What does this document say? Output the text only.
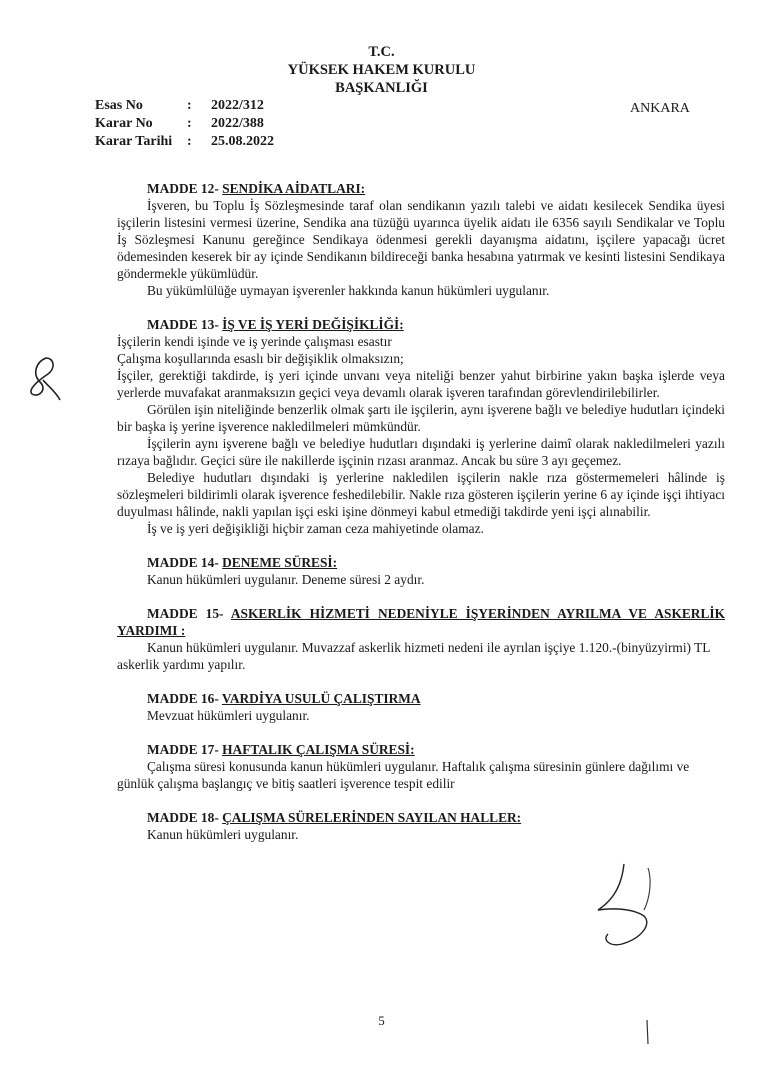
T.C.
YÜKSEK HAKEM KURULU
BAŞKANLIĞI
Esas No	: 2022/312
Karar No : 2022/388
Karar Tarihi : 25.08.2022
ANKARA

MADDE 12- SENDİKA AİDATLARI:

İşveren, bu Toplu İş Sözleşmesinde taraf olan sendikanın yazılı talebi ve aidatı kesilecek Sendika üyesi işçilerin listesini vermesi üzerine, Sendika ana tüzüğü uyarınca üyelik aidatı ile 6356 sayılı Sendikalar ve Toplu İş Sözleşmesi Kanunu gereğince Sendikaya ödenmesi gerekli dayanışma aidatını, işçilere yapacağı ücret ödemesinden keserek bir ay içinde Sendikanın bildireceği banka hesabına yatırmak ve kesinti listesini Sendikaya göndermekle yükümlüdür.

Bu yükümlülüğe uymayan işverenler hakkında kanun hükümleri uygulanır.

MADDE 13- İŞ VE İŞ YERİ DEĞİŞİKLİĞİ:

İşçilerin kendi işinde ve iş yerinde çalışması esastır

Çalışma koşullarında esaslı bir değişiklik olmaksızın;

İşçiler, gerektiği takdirde, iş yeri içinde unvanı veya niteliği benzer yahut birbirine yakın başka işlerde veya yerlerde muvafakat aranmaksızın geçici veya devamlı olarak işveren tarafından görevlendirilebilirler.

Görülen işin niteliğinde benzerlik olmak şartı ile işçilerin, aynı işverene bağlı ve belediye hudutları içindeki bir başka iş yerine işverence nakledilmeleri mümkündür.

İşçilerin aynı işverene bağlı ve belediye hudutları dışındaki iş yerlerine daimî olarak nakledilmeleri yazılı rızaya bağlıdır. Geçici süre ile nakillerde işçinin rızası aranmaz. Ancak bu süre 3 ayı geçemez.

Belediye hudutları dışındaki iş yerlerine nakledilen işçilerin nakle rıza göstermemeleri hâlinde iş sözleşmeleri bildirimli olarak işverence feshedilebilir. Nakle rıza gösteren işçilerin yerine 6 ay içinde işçi ihtiyacı duyulması hâlinde, nakli yapılan işçi eski işine dönmeyi kabul etmediği takdirde yeni işçi alınabilir.

İş ve iş yeri değişikliği hiçbir zaman ceza mahiyetinde olamaz.

MADDE 14- DENEME SÜRESİ:

Kanun hükümleri uygulanır. Deneme süresi 2 aydır.

MADDE 15- ASKERLİK HİZMETİ NEDENİYLE İŞYERİNDEN AYRILMA VE ASKERLİK YARDIMI :

Kanun hükümleri uygulanır. Muvazzaf askerlik hizmeti nedeni ile ayrılan işçiye 1.120.-(binyüzyirmi) TL askerlik yardımı yapılır.

MADDE 16- VARDİYA USULÜ ÇALIŞTIRMA

Mevzuat hükümleri uygulanır.

MADDE 17- HAFTALIK ÇALIŞMA SÜRESİ:

Çalışma süresi konusunda kanun hükümleri uygulanır. Haftalık çalışma süresinin günlere dağılımı ve günlük çalışma başlangıç ve bitiş saatleri işverence tespit edilir

MADDE 18- ÇALIŞMA SÜRELERİNDEN SAYILAN HALLER:

Kanun hükümleri uygulanır.

5
